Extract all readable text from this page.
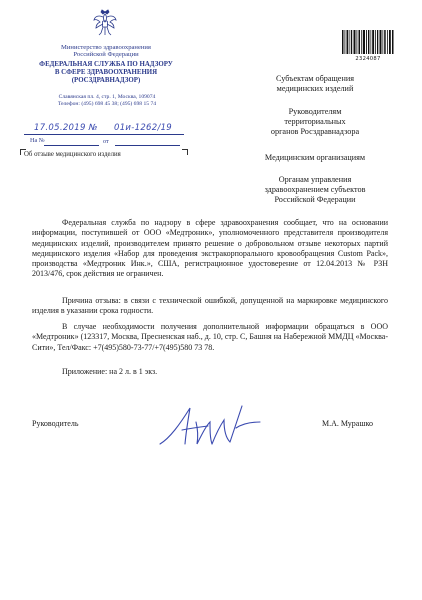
Министерство здравоохранения
Российской Федерации
ФЕДЕРАЛЬНАЯ СЛУЖБА ПО НАДЗОРУ
В СФЕРЕ ЗДРАВООХРАНЕНИЯ
(РОСЗДРАВНАДЗОР)
Славянская пл. 4, стр. 1, Москва, 109074
Телефон: (495) 698 45 38; (495) 698 15 74
17.05.2019 № 01и-1262/19
На №	от
Об отзыве медицинского изделия
2324087
Субъектам обращения
медицинских изделий
Руководителям
территориальных
органов Росздравнадзора
Медицинским организациям
Органам управления
здравоохранением субъектов
Российской Федерации

Федеральная служба по надзору в сфере здравоохранения сообщает, что на основании информации, поступившей от ООО «Медтроник», уполномоченного представителя производителя медицинских изделий, производителем принято решение о добровольном отзыве некоторых партий медицинского изделия «Набор для проведения экстракорпорального кровообращения Custom Pack», производства «Медтроник Инк.», США, регистрационное удостоверение от 12.04.2013 № РЗН 2013/476, срок действия не ограничен.

Причина отзыва: в связи с технической ошибкой, допущенной на маркировке медицинского изделия в указании срока годности.

В случае необходимости получения дополнительной информации обращаться в ООО «Медтроник» (123317, Москва, Пресненская наб., д. 10, стр. С, Башня на Набережной ММДЦ «Москва-Сити», Тел/Факс: +7(495)580-73-77/+7(495)580 73 78.

Приложение: на 2 л. в 1 экз.
Руководитель	М.А. Мурашко
